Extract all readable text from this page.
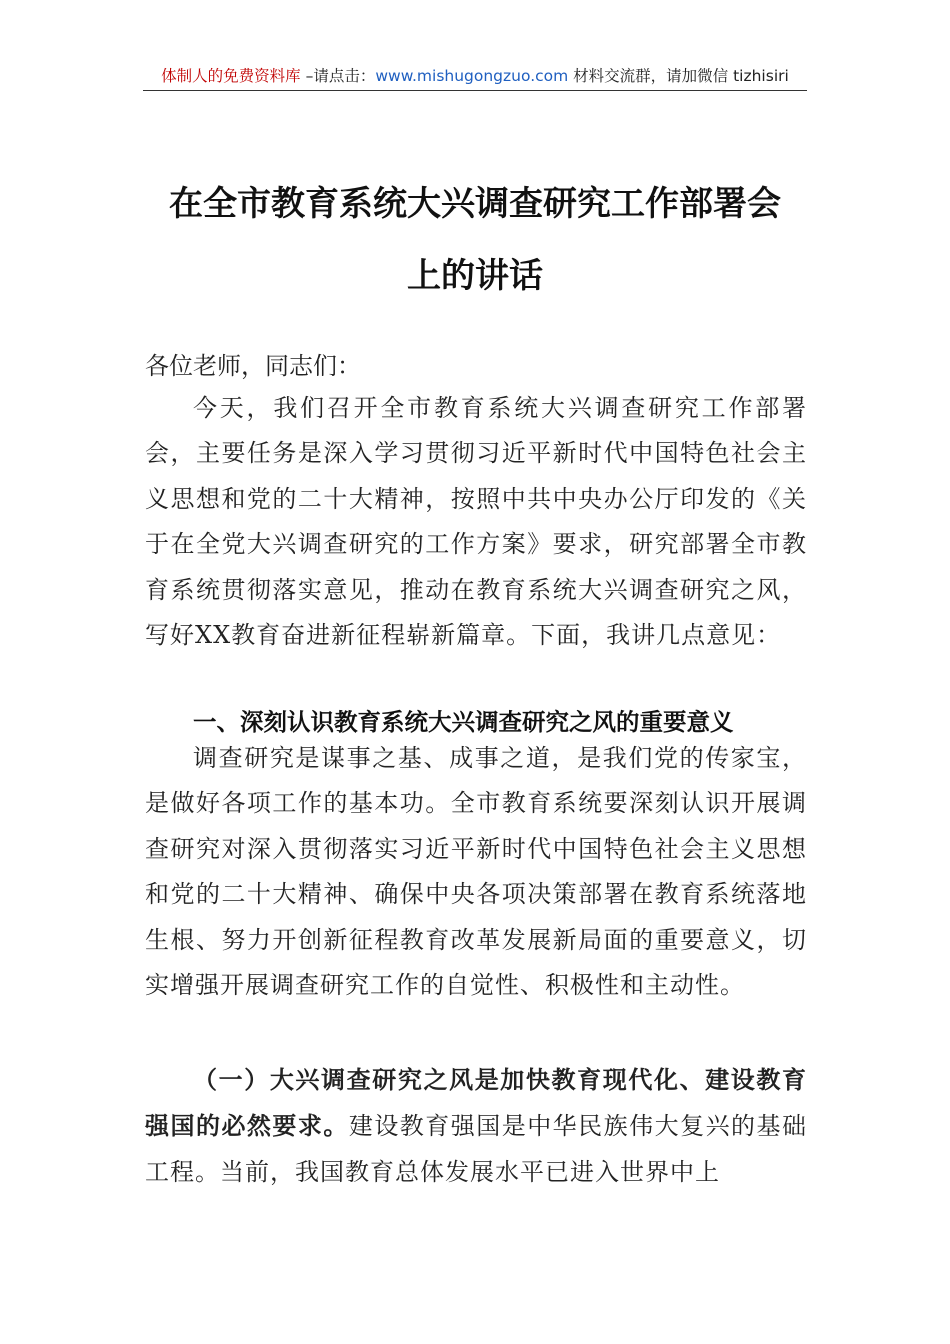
体制人的免费资料库 –请点击：www.mishugongzuo.com 材料交流群，请加微信 tizhisiri
在全市教育系统大兴调查研究工作部署会
上的讲话
各位老师，同志们：
今天，我们召开全市教育系统大兴调查研究工作部署会，主要任务是深入学习贯彻习近平新时代中国特色社会主义思想和党的二十大精神，按照中共中央办公厅印发的《关于在全党大兴调查研究的工作方案》要求，研究部署全市教育系统贯彻落实意见，推动在教育系统大兴调查研究之风，写好XX教育奋进新征程崭新篇章。下面，我讲几点意见：
一、深刻认识教育系统大兴调查研究之风的重要意义
调查研究是谋事之基、成事之道，是我们党的传家宝，是做好各项工作的基本功。全市教育系统要深刻认识开展调查研究对深入贯彻落实习近平新时代中国特色社会主义思想和党的二十大精神、确保中央各项决策部署在教育系统落地生根、努力开创新征程教育改革发展新局面的重要意义，切实增强开展调查研究工作的自觉性、积极性和主动性。
（一）大兴调查研究之风是加快教育现代化、建设教育强国的必然要求。建设教育强国是中华民族伟大复兴的基础工程。当前，我国教育总体发展水平已进入世界中上
